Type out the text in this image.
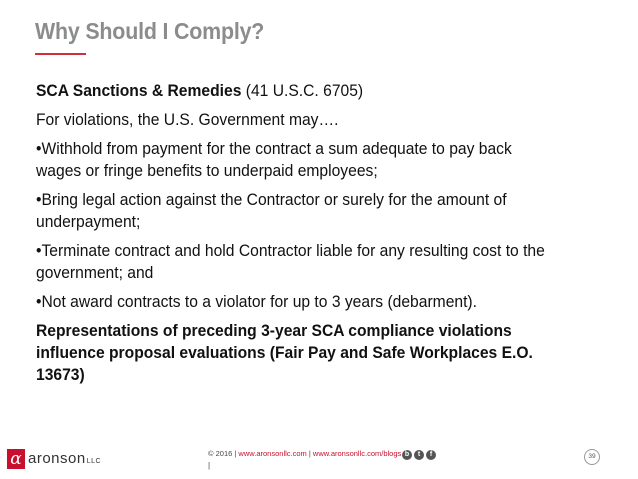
Why Should I Comply?
SCA Sanctions & Remedies (41 U.S.C. 6705)
For violations, the U.S. Government may….
•Withhold from payment for the contract a sum adequate to pay back
wages or fringe benefits to underpaid employees;
•Bring legal action against the Contractor or surely for the amount of
underpayment;
•Terminate contract and hold Contractor liable for any resulting cost to the
government; and
•Not award contracts to a violator for up to 3 years (debarment).
Representations of preceding 3-year SCA compliance violations
influence proposal evaluations (Fair Pay and Safe Workplaces E.O.
13673)
α aronsonLLC
© 2016 | www.aronsonllc.com | www.aronsonllc.com/blogs
|
b	t	f	39
